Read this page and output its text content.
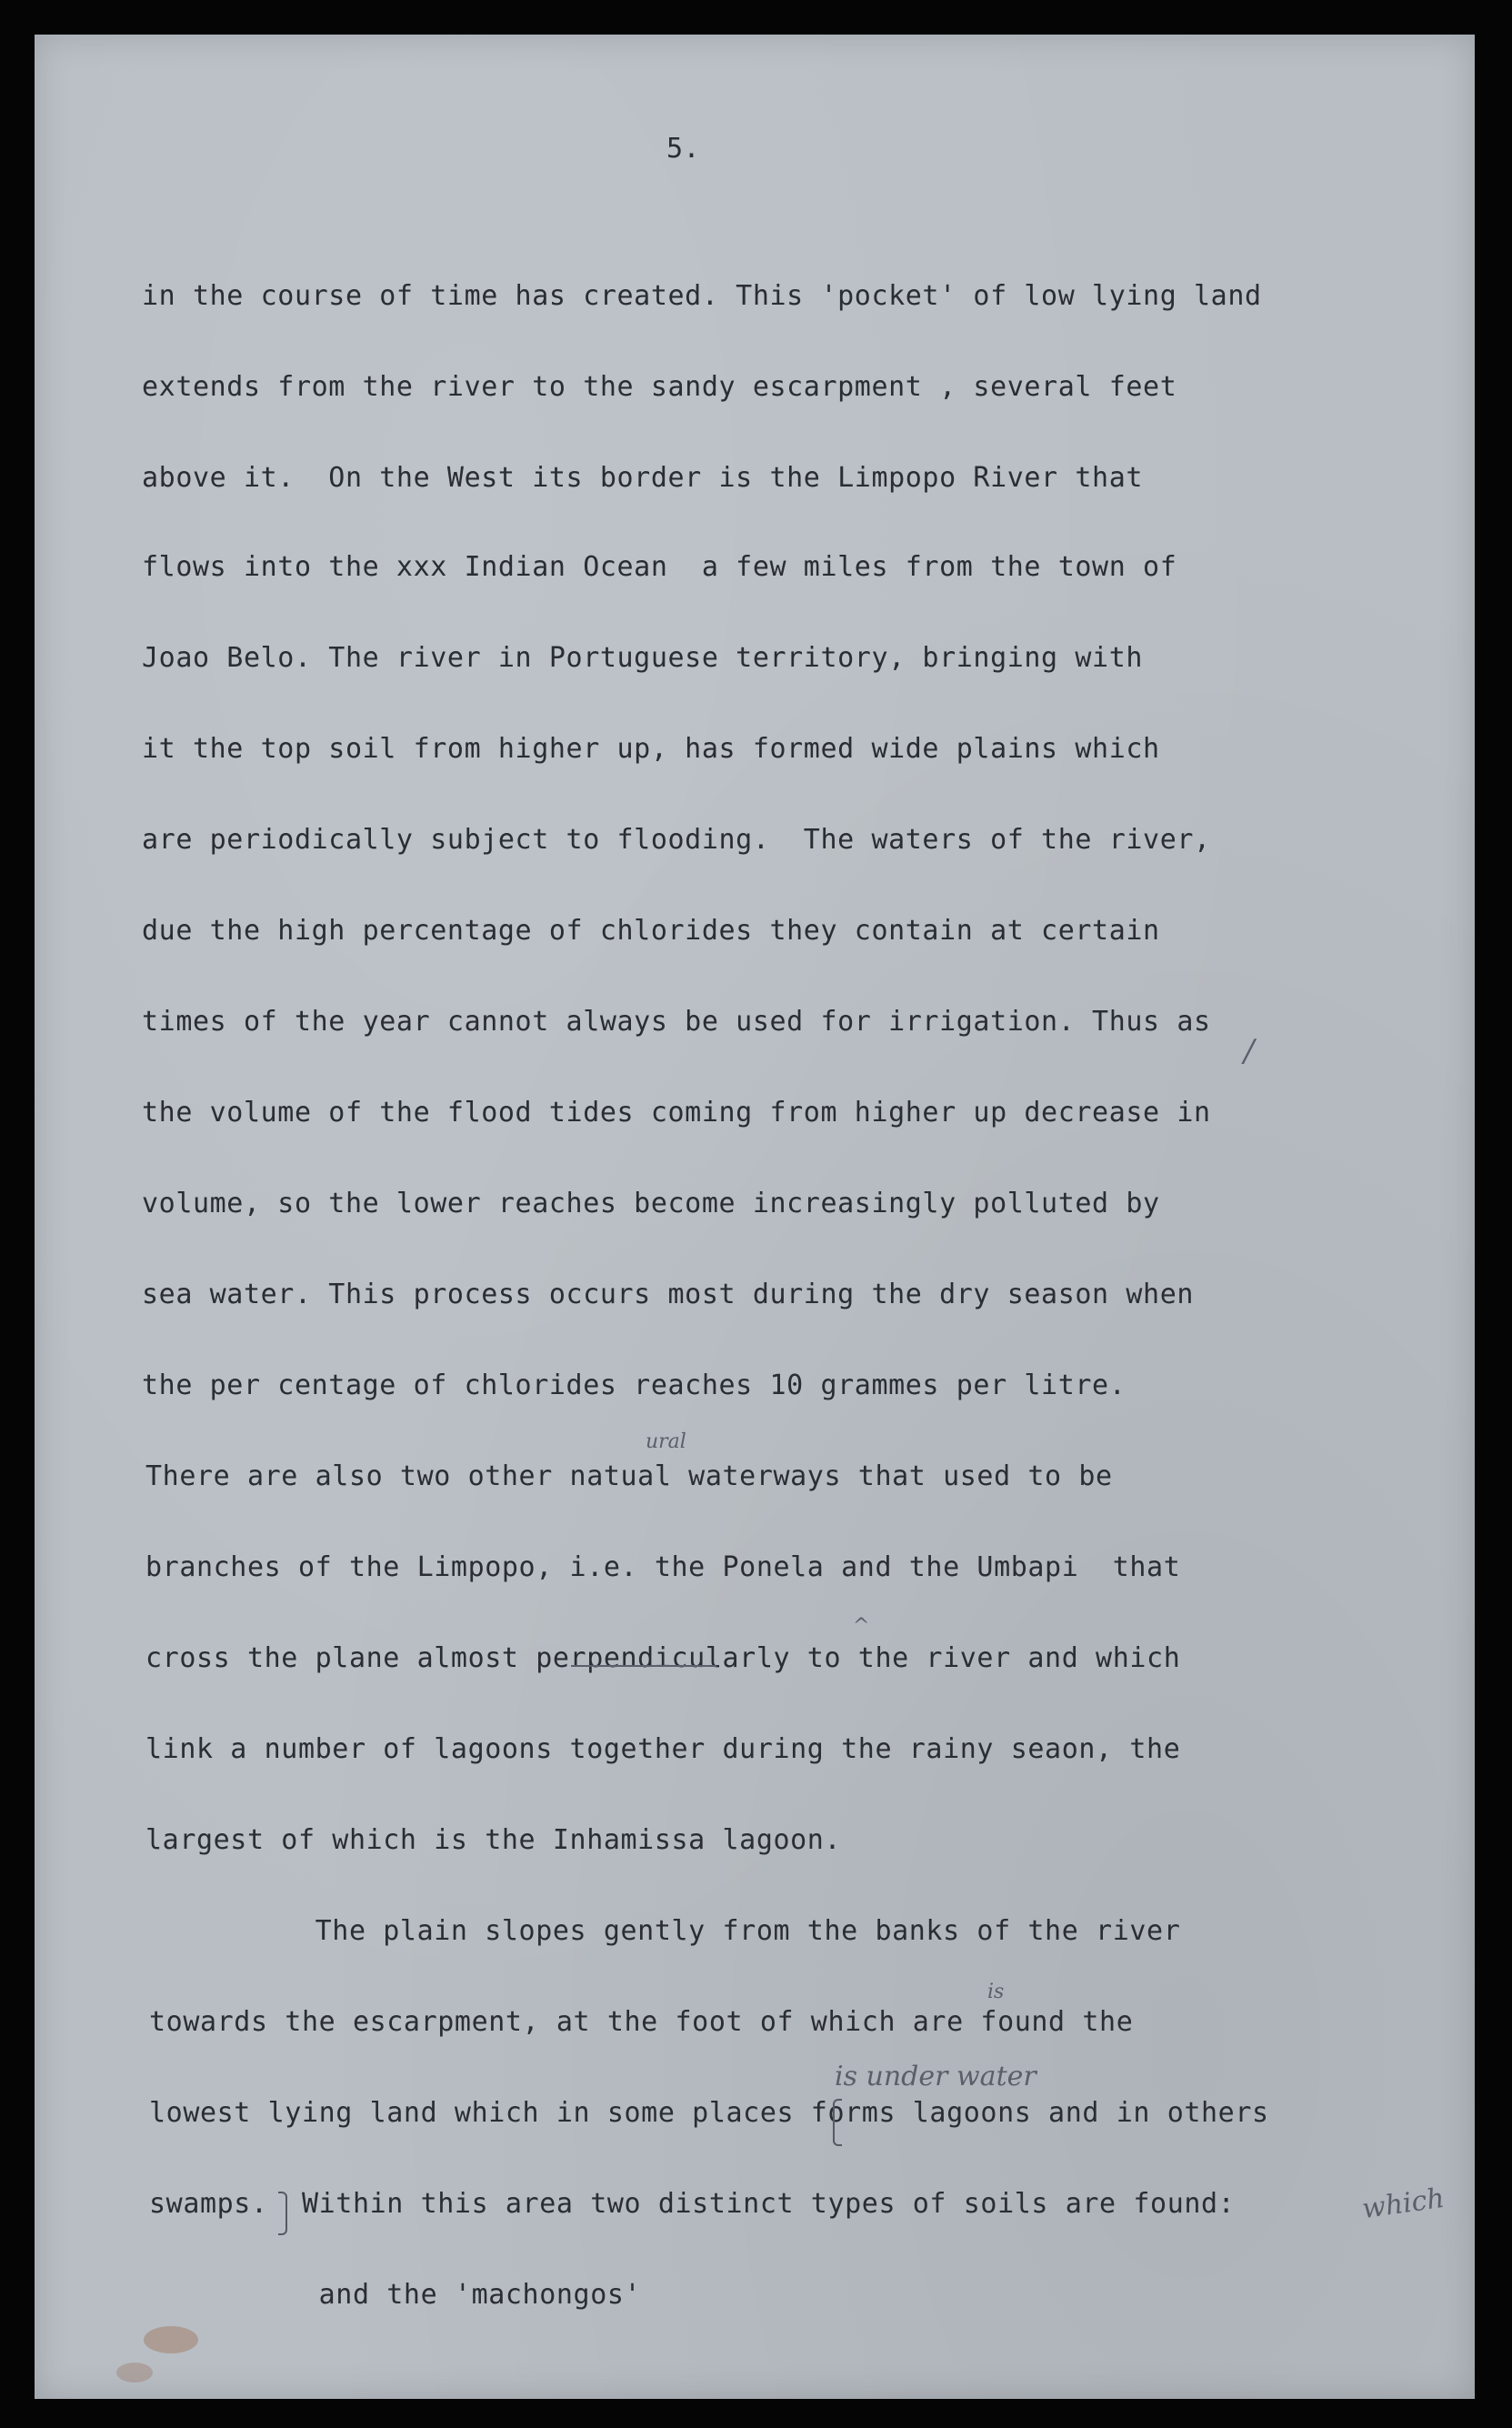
5.
in the course of time has created. This 'pocket' of low lying land
extends from the river to the sandy escarpment , several feet
above it.  On the West its border is the Limpopo River that
flows into the xxx Indian Ocean  a few miles from the town of
Joao Belo. The river in Portuguese territory, bringing with
it the top soil from higher up, has formed wide plains which
are periodically subject to flooding.  The waters of the river,
due the high percentage of chlorides they contain at certain
times of the year cannot always be used for irrigation. Thus as
the volume of the flood tides coming from higher up decrease in
volume, so the lower reaches become increasingly polluted by
sea water. This process occurs most during the dry season when
the per centage of chlorides reaches 10 grammes per litre.
There are also two other natual waterways that used to be
branches of the Limpopo, i.e. the Ponela and the Umbapi  that
cross the plane almost perpendicularly to the river and which
link a number of lagoons together during the rainy seaon, the
largest of which is the Inhamissa lagoon.
The plain slopes gently from the banks of the river
towards the escarpment, at the foot of which are found the
lowest lying land which in some places forms lagoons and in others
swamps.  Within this area two distinct types of soils are found:
and the 'machongos'
ural
is
is under water
which
/
^
